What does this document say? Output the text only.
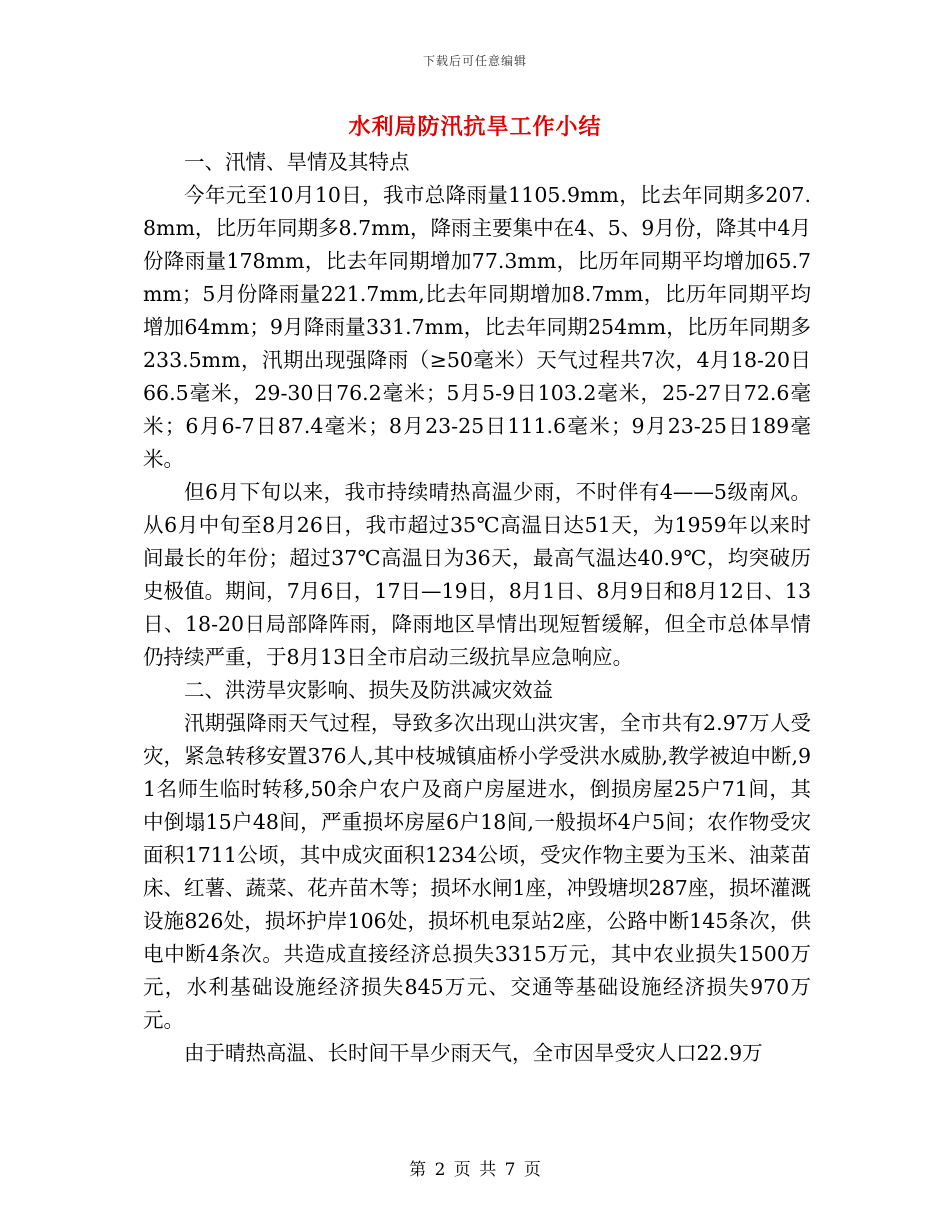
下载后可任意编辑
水利局防汛抗旱工作小结

一、汛情、旱情及其特点

今年元至10月10日，我市总降雨量1105.9mm，比去年同期多207.8mm，比历年同期多8.7mm，降雨主要集中在4、5、9月份，降其中4月份降雨量178mm，比去年同期增加77.3mm，比历年同期平均增加65.7mm；5月份降雨量221.7mm,比去年同期增加8.7mm，比历年同期平均增加64mm；9月降雨量331.7mm，比去年同期254mm，比历年同期多233.5mm，汛期出现强降雨（≥50毫米）天气过程共7次，4月18-20日66.5毫米，29-30日76.2毫米；5月5-9日103.2毫米，25-27日72.6毫米；6月6-7日87.4毫米；8月23-25日111.6毫米；9月23-25日189毫米。

但6月下旬以来，我市持续晴热高温少雨，不时伴有4——5级南风。从6月中旬至8月26日，我市超过35℃高温日达51天，为1959年以来时间最长的年份；超过37℃高温日为36天，最高气温达40.9℃，均突破历史极值。期间，7月6日，17日—19日，8月1日、8月9日和8月12日、13日、18-20日局部降阵雨，降雨地区旱情出现短暂缓解，但全市总体旱情仍持续严重，于8月13日全市启动三级抗旱应急响应。

二、洪涝旱灾影响、损失及防洪减灾效益

汛期强降雨天气过程，导致多次出现山洪灾害，全市共有2.97万人受灾，紧急转移安置376人,其中枝城镇庙桥小学受洪水威胁,教学被迫中断,91名师生临时转移,50余户农户及商户房屋进水，倒损房屋25户71间，其中倒塌15户48间，严重损坏房屋6户18间,一般损坏4户5间；农作物受灾面积1711公顷，其中成灾面积1234公顷，受灾作物主要为玉米、油菜苗床、红薯、蔬菜、花卉苗木等；损坏水闸1座，冲毁塘坝287座，损坏灌溉设施826处，损坏护岸106处，损坏机电泵站2座，公路中断145条次，供电中断4条次。共造成直接经济总损失3315万元，其中农业损失1500万元，水利基础设施经济损失845万元、交通等基础设施经济损失970万元。

由于晴热高温、长时间干旱少雨天气，全市因旱受灾人口22.9万

第 2 页 共 7 页
